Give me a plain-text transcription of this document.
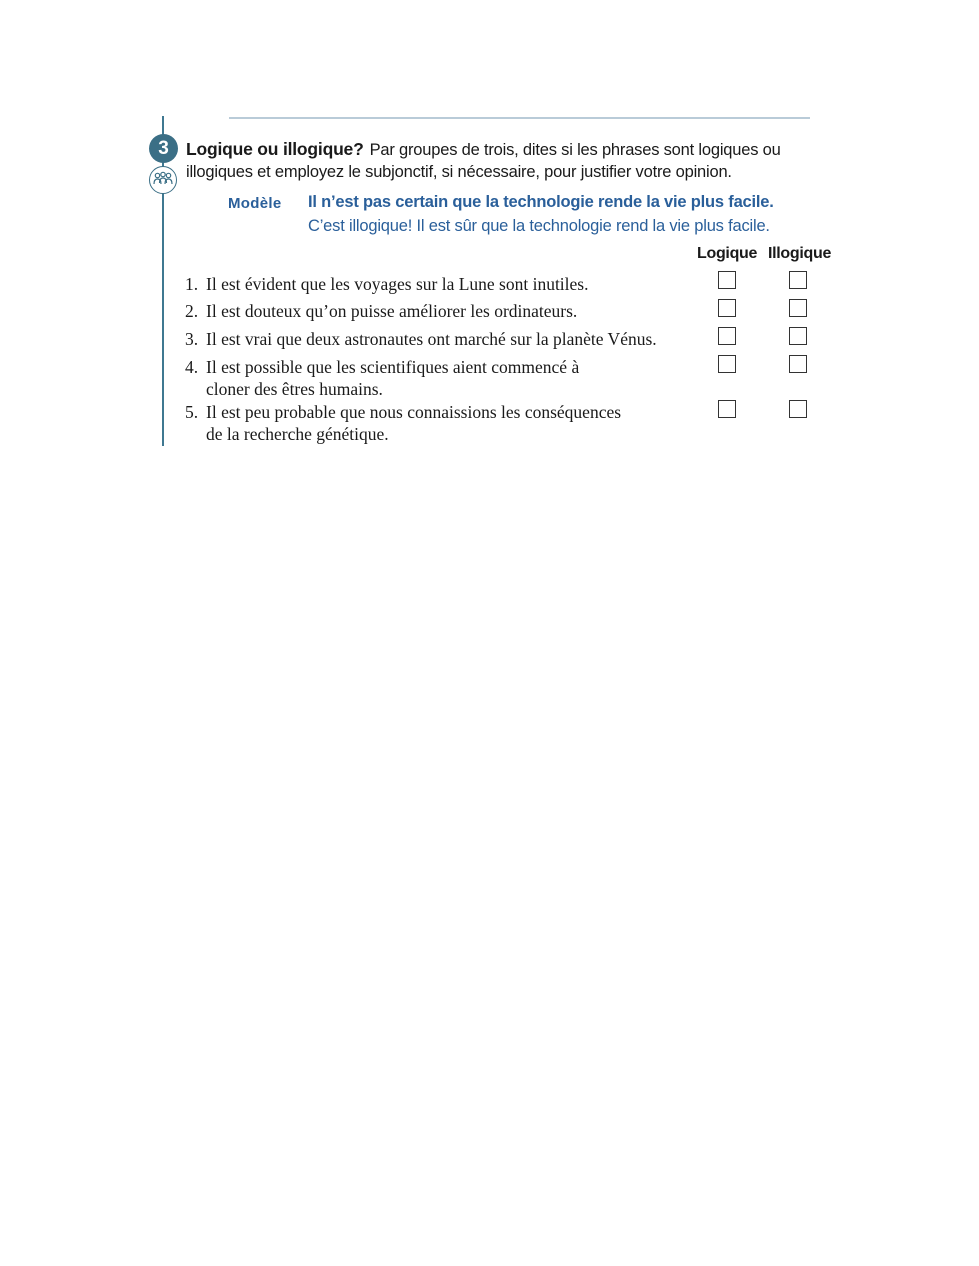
3 Logique ou illogique? Par groupes de trois, dites si les phrases sont logiques ou illogiques et employez le subjonctif, si nécessaire, pour justifier votre opinion.
Modèle Il n’est pas certain que la technologie rende la vie plus facile.
C’est illogique! Il est sûr que la technologie rend la vie plus facile.
Logique Illogique
1. Il est évident que les voyages sur la Lune sont inutiles.
2. Il est douteux qu’on puisse améliorer les ordinateurs.
3. Il est vrai que deux astronautes ont marché sur la planète Vénus.
4. Il est possible que les scientifiques aient commencé à
cloner des êtres humains.
5. Il est peu probable que nous connaissions les conséquences
de la recherche génétique.
